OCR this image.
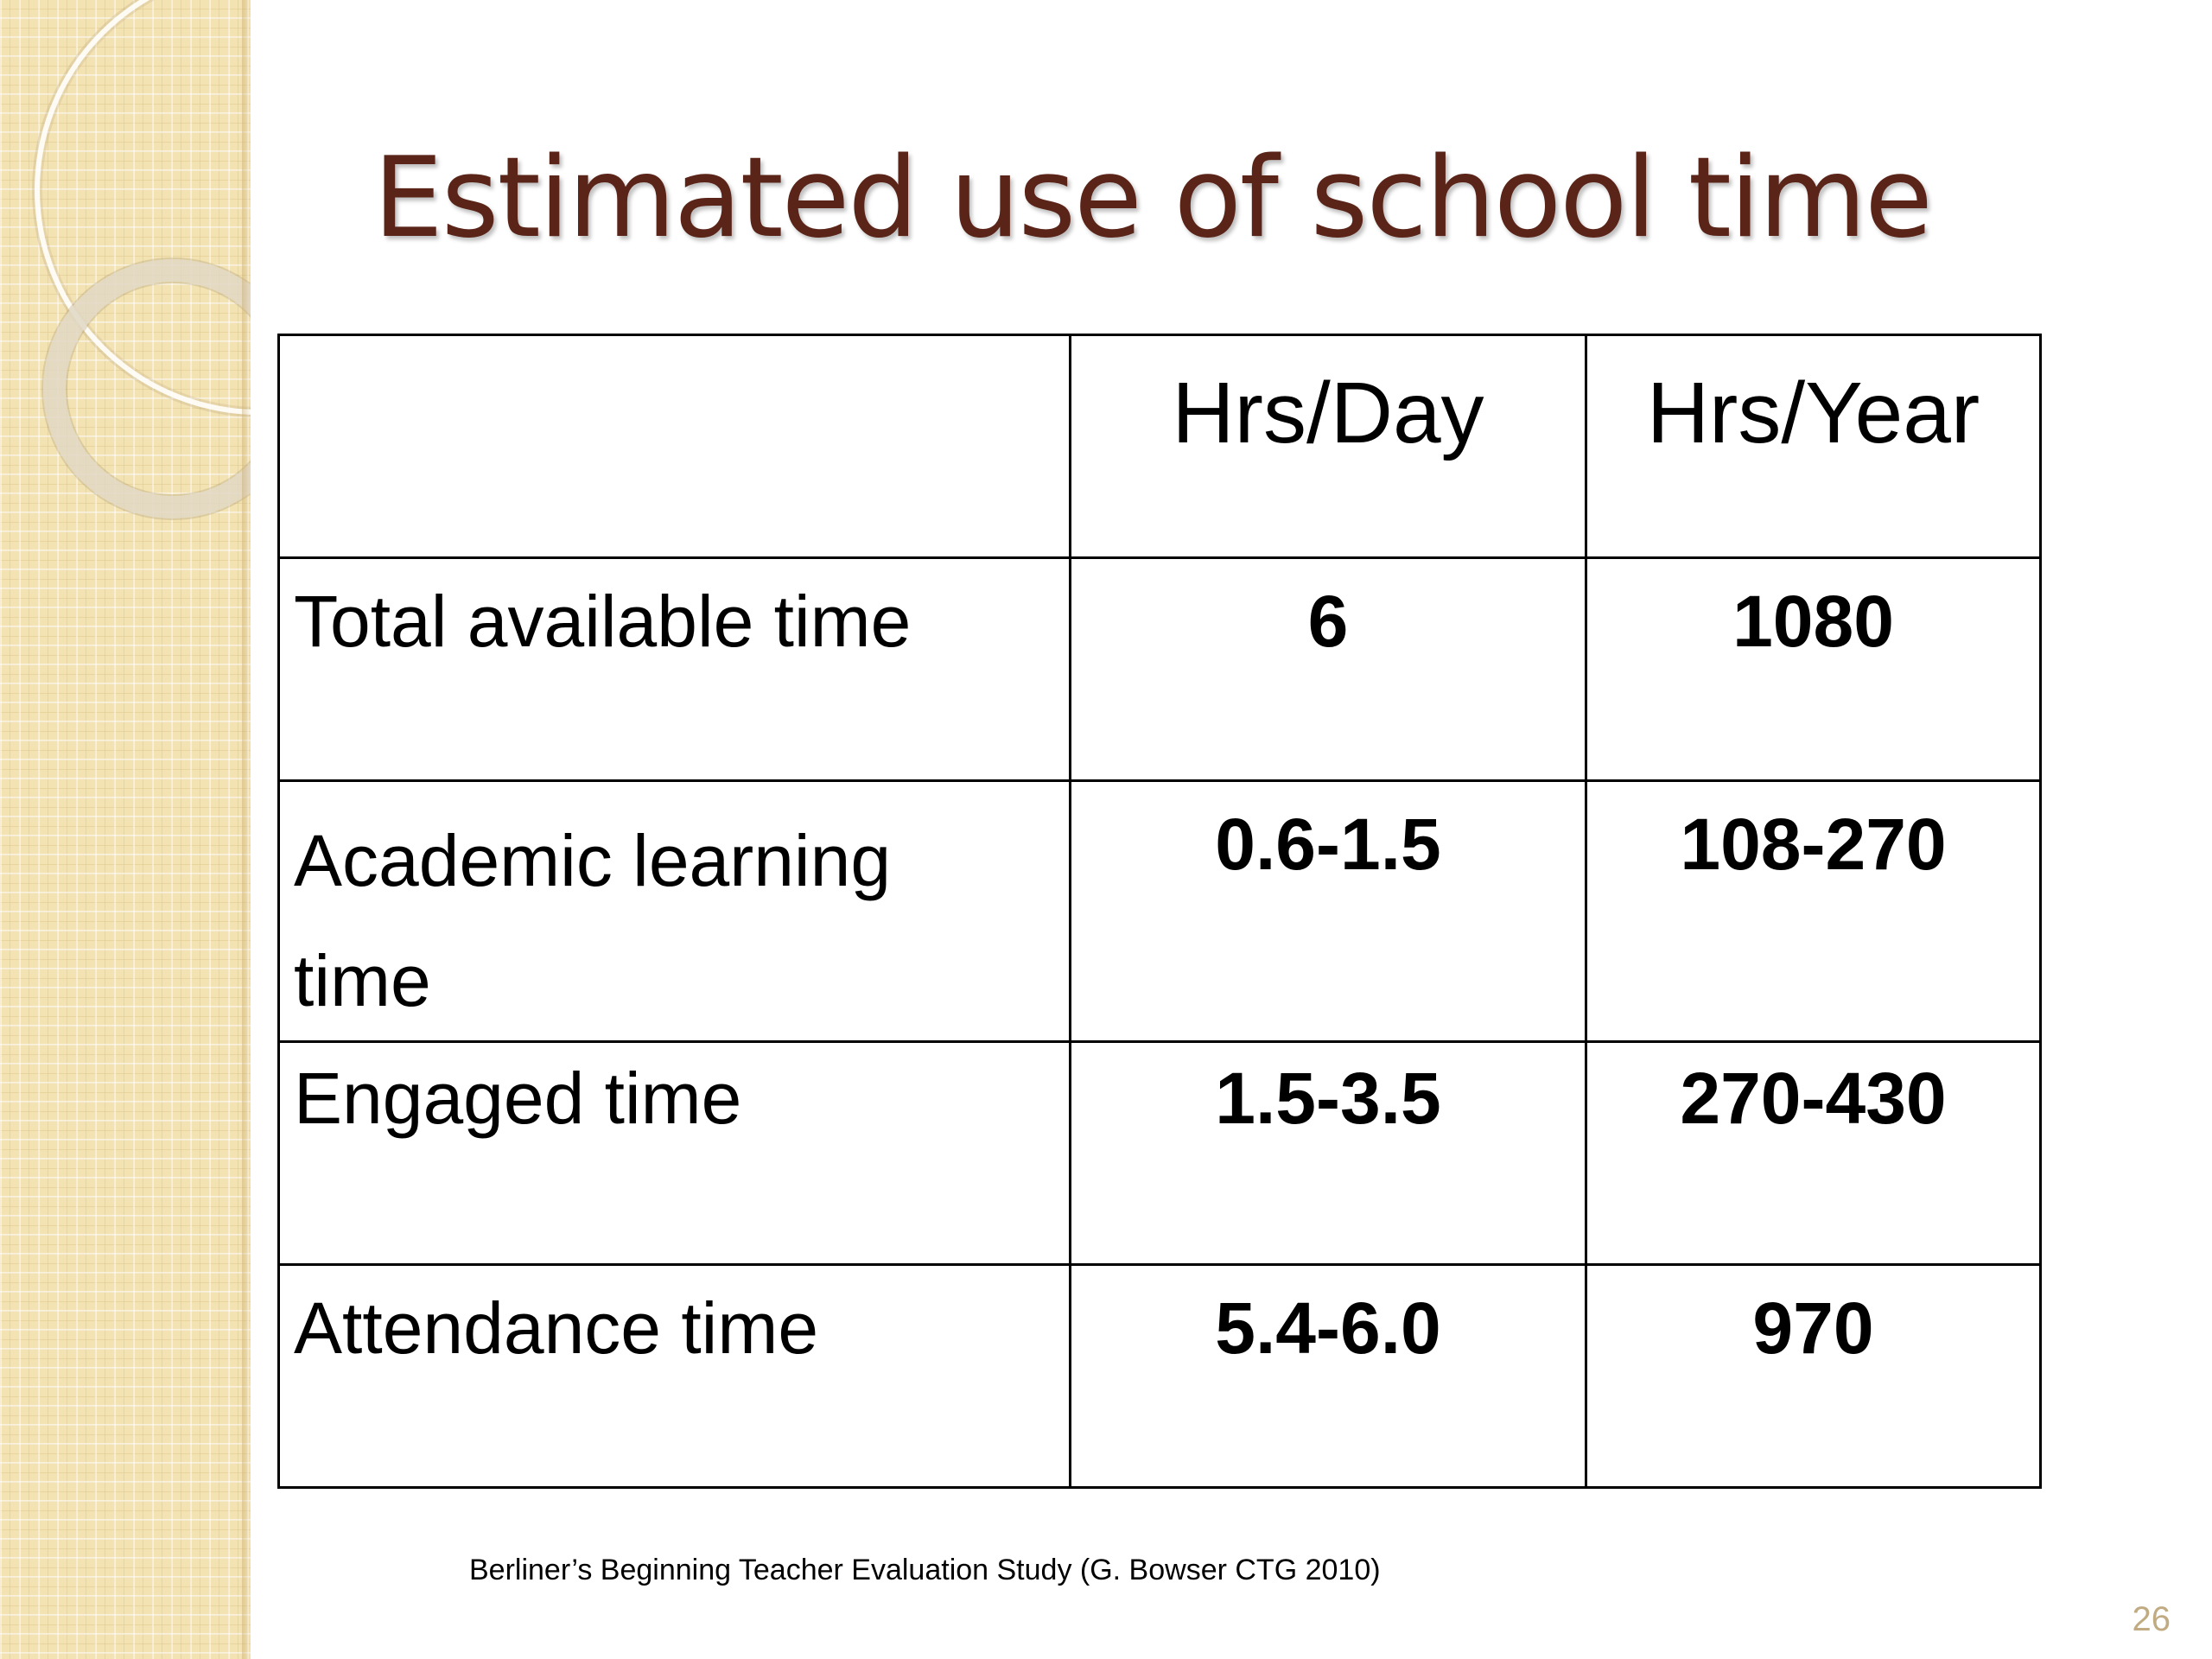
Estimated use of school time
	Hrs/Day	Hrs/Year
Total available time	6	1080
Academic learning time	0.6-1.5	108-270
Engaged time	1.5-3.5	270-430
Attendance time	5.4-6.0	970
Berliner’s Beginning Teacher Evaluation Study (G. Bowser CTG 2010)
26
